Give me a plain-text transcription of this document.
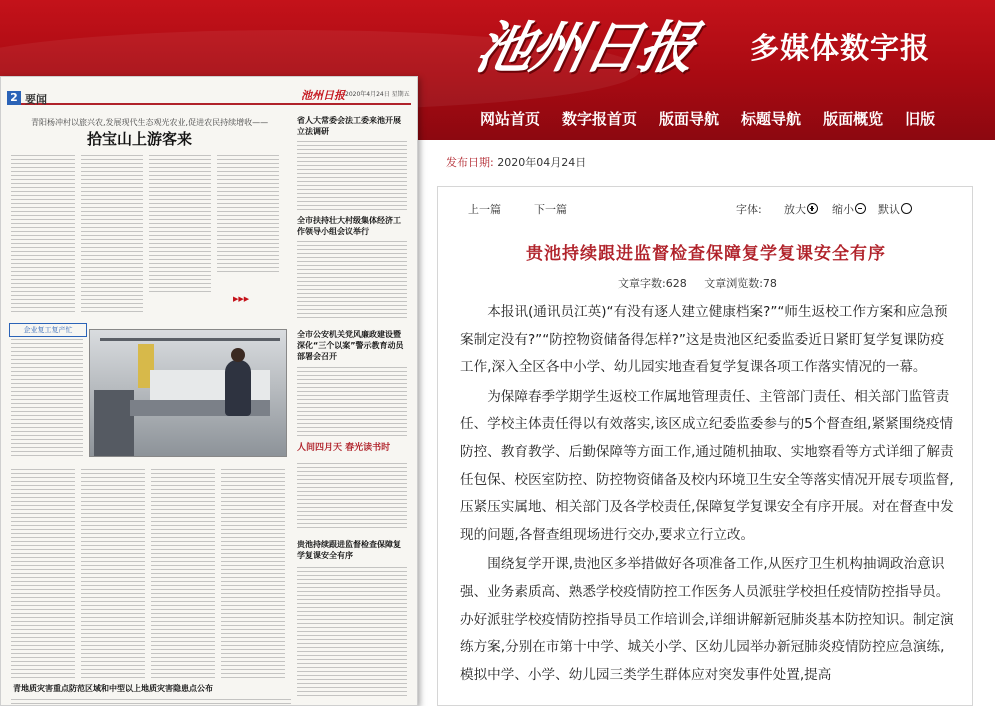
池州日报 多媒体数字报
网站首页 数字报首页 版面导航 标题导航 版面概览 旧版
2 要闻	池州日报 2020年4月24日 星期五
青阳杨冲村以旅兴农,发展现代生态观光农业,促进农民持续增收——
拾宝山上游客来
▶▶▶
省人大常委会法工委来池开展立法调研
全市扶持壮大村级集体经济工作领导小组会议举行
全市公安机关党风廉政建设暨深化“三个以案”警示教育动员部署会召开
人间四月天 春光读书时
贵池持续跟进监督检查保障复学复课安全有序
企业复工复产忙
青地质灾害重点防范区域和中型以上地质灾害隐患点公布
发布日期: 2020年04月24日
上一篇	下一篇	字体: 放大	缩小	默认
贵池持续跟进监督检查保障复学复课安全有序
文章字数:628 文章浏览数:78

本报讯(通讯员江英)“有没有逐人建立健康档案?”“师生返校工作方案和应急预案制定没有?”“防控物资储备得怎样?”这是贵池区纪委监委近日紧盯复学复课防疫工作,深入全区各中小学、幼儿园实地查看复学复课各项工作落实情况的一幕。

为保障春季学期学生返校工作属地管理责任、主管部门责任、相关部门监管责任、学校主体责任得以有效落实,该区成立纪委监委参与的5个督查组,紧紧围绕疫情防控、教育教学、后勤保障等方面工作,通过随机抽取、实地察看等方式详细了解责任包保、校医室防控、防控物资储备及校内环境卫生安全等落实情况开展专项监督,压紧压实属地、相关部门及各学校责任,保障复学复课安全有序开展。对在督查中发现的问题,各督查组现场进行交办,要求立行立改。

围绕复学开课,贵池区多举措做好各项准备工作,从医疗卫生机构抽调政治意识强、业务素质高、熟悉学校疫情防控工作医务人员派驻学校担任疫情防控指导员。办好派驻学校疫情防控指导员工作培训会,详细讲解新冠肺炎基本防控知识。制定演练方案,分别在市第十中学、城关小学、区幼儿园举办新冠肺炎疫情防控应急演练,模拟中学、小学、幼儿园三类学生群体应对突发事件处置,提高
